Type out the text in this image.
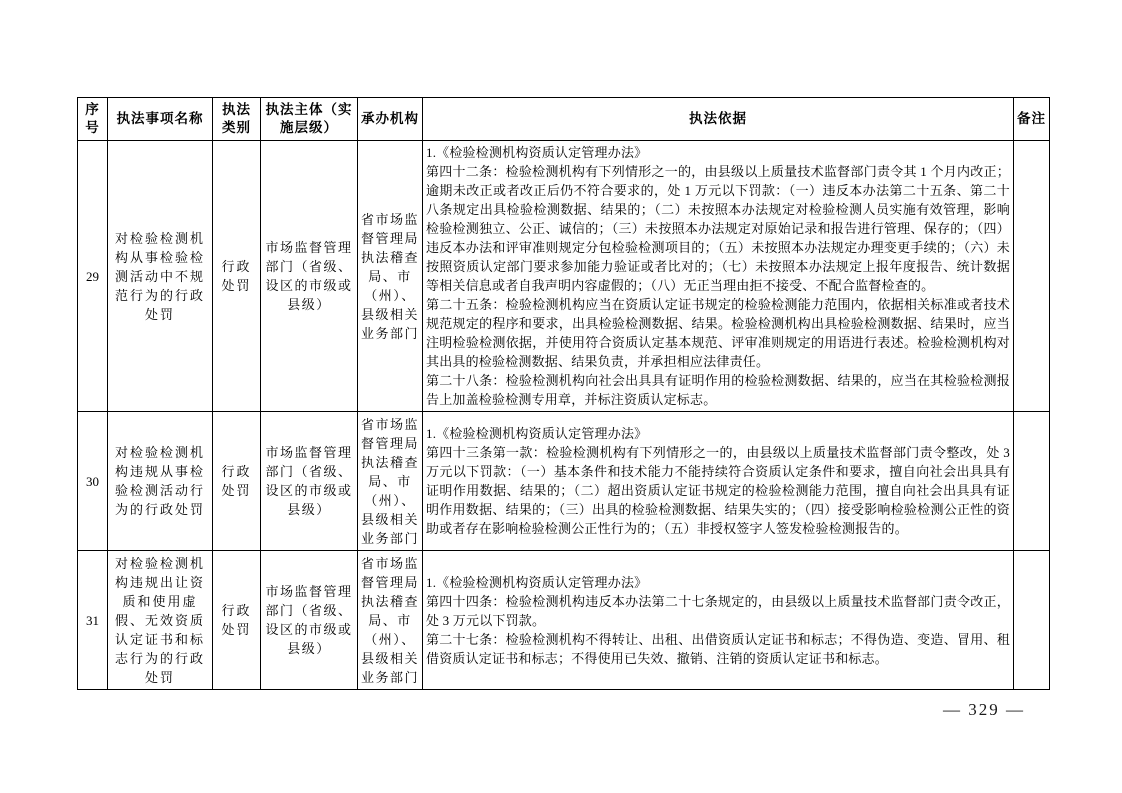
序号	执法事项名称	执法类别	执法主体（实施层级）	承办机构	执法依据	备注
29	对检验检测机构从事检验检测活动中不规范行为的行政处罚	行政处罚	市场监督管理部门（省级、设区的市级或县级）	省市场监督管理局执法稽查局、市（州）、县级相关业务部门	1.《检验检测机构资质认定管理办法》

第四十二条：检验检测机构有下列情形之一的，由县级以上质量技术监督部门责令其 1 个月内改正；逾期未改正或者改正后仍不符合要求的，处 1 万元以下罚款：（一）违反本办法第二十五条、第二十八条规定出具检验检测数据、结果的；（二）未按照本办法规定对检验检测人员实施有效管理，影响检验检测独立、公正、诚信的；（三）未按照本办法规定对原始记录和报告进行管理、保存的；（四）违反本办法和评审准则规定分包检验检测项目的；（五）未按照本办法规定办理变更手续的；（六）未按照资质认定部门要求参加能力验证或者比对的；（七）未按照本办法规定上报年度报告、统计数据等相关信息或者自我声明内容虚假的；（八）无正当理由拒不接受、不配合监督检查的。

第二十五条：检验检测机构应当在资质认定证书规定的检验检测能力范围内，依据相关标准或者技术规范规定的程序和要求，出具检验检测数据、结果。检验检测机构出具检验检测数据、结果时，应当注明检验检测依据，并使用符合资质认定基本规范、评审准则规定的用语进行表述。检验检测机构对其出具的检验检测数据、结果负责，并承担相应法律责任。

第二十八条：检验检测机构向社会出具具有证明作用的检验检测数据、结果的，应当在其检验检测报告上加盖检验检测专用章，并标注资质认定标志。	

30	对检验检测机构违规从事检验检测活动行为的行政处罚	行政处罚	市场监督管理部门（省级、设区的市级或县级）	省市场监督管理局执法稽查局、市（州）、县级相关业务部门	1.《检验检测机构资质认定管理办法》

第四十三条第一款：检验检测机构有下列情形之一的，由县级以上质量技术监督部门责令整改，处 3 万元以下罚款：（一）基本条件和技术能力不能持续符合资质认定条件和要求，擅自向社会出具具有证明作用数据、结果的；（二）超出资质认定证书规定的检验检测能力范围，擅自向社会出具具有证明作用数据、结果的；（三）出具的检验检测数据、结果失实的；（四）接受影响检验检测公正性的资助或者存在影响检验检测公正性行为的；（五）非授权签字人签发检验检测报告的。	

31	对检验检测机构违规出让资质和使用虚假、无效资质认定证书和标志行为的行政处罚	行政处罚	市场监督管理部门（省级、设区的市级或县级）	省市场监督管理局执法稽查局、市（州）、县级相关业务部门	1.《检验检测机构资质认定管理办法》

第四十四条：检验检测机构违反本办法第二十七条规定的，由县级以上质量技术监督部门责令改正，处 3 万元以下罚款。

第二十七条：检验检测机构不得转让、出租、出借资质认定证书和标志；不得伪造、变造、冒用、租借资质认定证书和标志；不得使用已失效、撤销、注销的资质认定证书和标志。	

— 329 —
